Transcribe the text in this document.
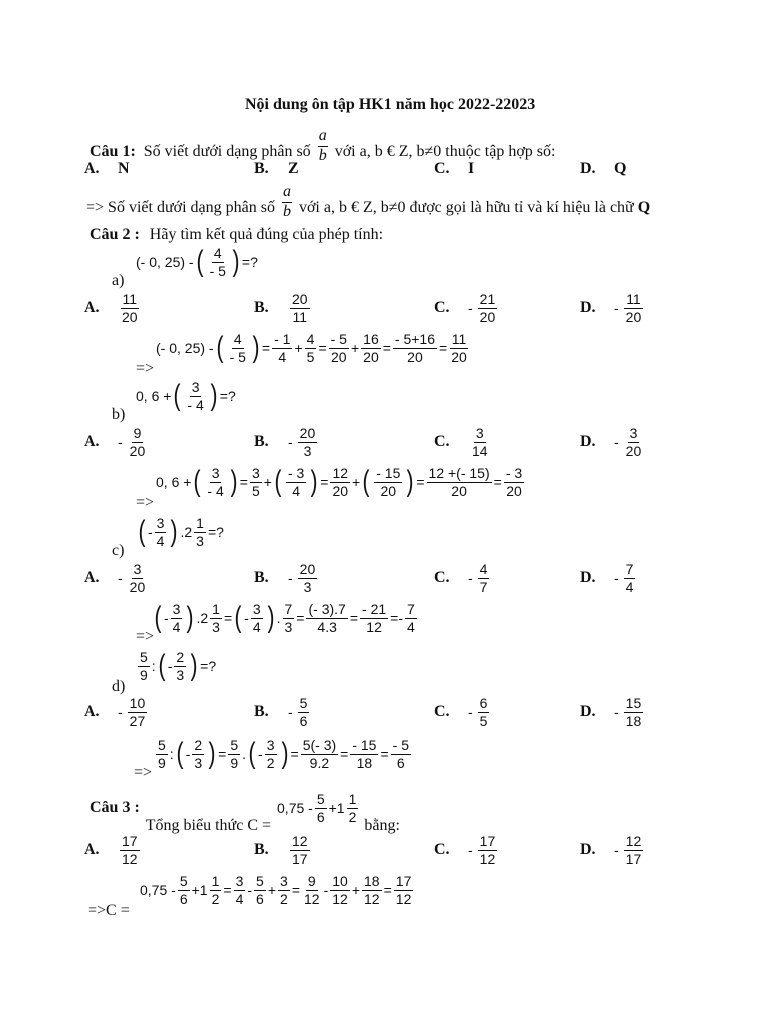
Nội dung ôn tập HK1 năm học 2022-22023
Câu 1: Số viết dưới dạng phân số $\frac{a}{b}$ với a, b € Z, b≠0 thuộc tập hợp số:
A.	N	B.	Z	C.	I	D.	Q
=> Số viết dưới dạng phân số $\frac{a}{b}$ với a, b € Z, b≠0 được gọi là hữu tỉ và kí hiệu là chữ Q
Câu 2 : Hãy tìm kết quả đúng của phép tính:
(- 0, 25) - ( $\frac{4}{- 5}$ ) =?
a)
A.	$\frac{11}{20}$	B.	$\frac{20}{11}$	C.	- $\frac{21}{20}$	D.	- $\frac{11}{20}$
=>
(- 0, 25) - ( $\frac{4}{- 5}$ ) = $\frac{- 1}{4} + \frac{4}{5} = \frac{- 5}{20} + \frac{16}{20} = \frac{- 5+16}{20} = \frac{11}{20}$
0, 6 + ( $\frac{3}{- 4}$ ) =?
b)
A.	- $\frac{9}{20}$	B.	- $\frac{20}{3}$	C.	$\frac{3}{14}$	D.	- $\frac{3}{20}$
=>
0, 6 + ( $\frac{3}{- 4}$ ) = $\frac{3}{5}$ + ( $\frac{- 3}{4}$ ) = $\frac{12}{20}$ + ( $\frac{- 15}{20}$ ) = $\frac{12 +(- 15)}{20} = \frac{- 3}{20}$
( - $\frac{3}{4}$ ) $.2 \frac{1}{3}$ =?
c)
A.	- $\frac{3}{20}$	B.	- $\frac{20}{3}$	C.	- $\frac{4}{7}$	D.	- $\frac{7}{4}$
=>
( - $\frac{3}{4}$ ) $.2 \frac{1}{3}$ = ( - $\frac{3}{4}$ ) . $\frac{7}{3} = \frac{(- 3).7}{4.3} = \frac{- 21}{12} =- \frac{7}{4}$
$\frac{5}{9}$ : ( - $\frac{2}{3}$ ) =?
d)
A.	- $\frac{10}{27}$	B.	- $\frac{5}{6}$	C.	- $\frac{6}{5}$	D.	- $\frac{15}{18}$
=>
$\frac{5}{9}$ : ( - $\frac{2}{3}$ ) = $\frac{5}{9}$ . ( - $\frac{3}{2}$ ) = $\frac{5(- 3)}{9.2} = \frac{- 15}{18} = \frac{- 5}{6}$
Câu 3 :
Tổng biểu thức C =
$0,75 - \frac{5}{6} +1 \frac{1}{2}$
bằng:
A.	$\frac{17}{12}$	B.	$\frac{12}{17}$	C.	- $\frac{17}{12}$	D.	- $\frac{12}{17}$
=>C =
$0,75 - \frac{5}{6} +1 \frac{1}{2} = \frac{3}{4} - \frac{5}{6} + \frac{3}{2} = \frac{9}{12} - \frac{10}{12} + \frac{18}{12} = \frac{17}{12}$
